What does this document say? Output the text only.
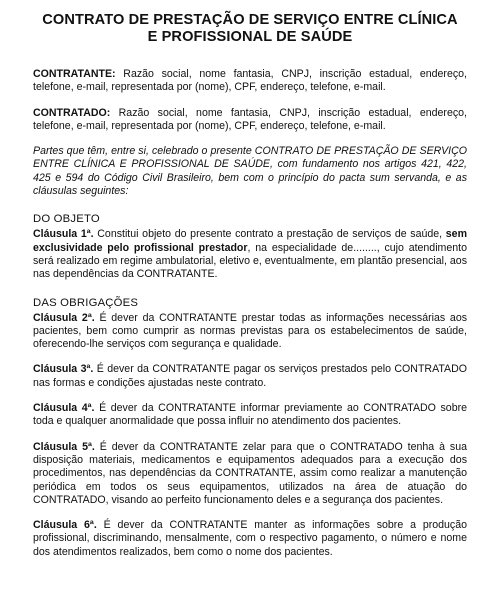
CONTRATO DE PRESTAÇÃO DE SERVIÇO ENTRE CLÍNICA
E PROFISSIONAL DE SAÚDE

CONTRATANTE: Razão social, nome fantasia, CNPJ, inscrição estadual, endereço, telefone, e-mail, representada por (nome), CPF, endereço, telefone, e-mail.

CONTRATADO: Razão social, nome fantasia, CNPJ, inscrição estadual, endereço, telefone, e-mail, representada por (nome), CPF, endereço, telefone, e-mail.

Partes que têm, entre si, celebrado o presente CONTRATO DE PRESTAÇÃO DE SERVIÇO ENTRE CLÍNICA E PROFISSIONAL DE SAÚDE, com fundamento nos artigos 421, 422, 425 e 594 do Código Civil Brasileiro, bem com o princípio do pacta sum servanda, e as cláusulas seguintes:

DO OBJETO

Cláusula 1ª. Constitui objeto do presente contrato a prestação de serviços de saúde, sem exclusividade pelo profissional prestador, na especialidade de........, cujo atendimento será realizado em regime ambulatorial, eletivo e, eventualmente, em plantão presencial, aos nas dependências da CONTRATANTE.

DAS OBRIGAÇÕES

Cláusula 2ª. É dever da CONTRATANTE prestar todas as informações necessárias aos pacientes, bem como cumprir as normas previstas para os estabelecimentos de saúde, oferecendo-lhe serviços com segurança e qualidade.

Cláusula 3ª. É dever da CONTRATANTE pagar os serviços prestados pelo CONTRATADO nas formas e condições ajustadas neste contrato.

Cláusula 4ª. É dever da CONTRATANTE informar previamente ao CONTRATADO sobre toda e qualquer anormalidade que possa influir no atendimento dos pacientes.

Cláusula 5ª. É dever da CONTRATANTE zelar para que o CONTRATADO tenha à sua disposição materiais, medicamentos e equipamentos adequados para a execução dos procedimentos, nas dependências da CONTRATANTE, assim como realizar a manutenção periódica em todos os seus equipamentos, utilizados na área de atuação do CONTRATADO, visando ao perfeito funcionamento deles e a segurança dos pacientes.

Cláusula 6ª. É dever da CONTRATANTE manter as informações sobre a produção profissional, discriminando, mensalmente, com o respectivo pagamento, o número e nome dos atendimentos realizados, bem como o nome dos pacientes.
